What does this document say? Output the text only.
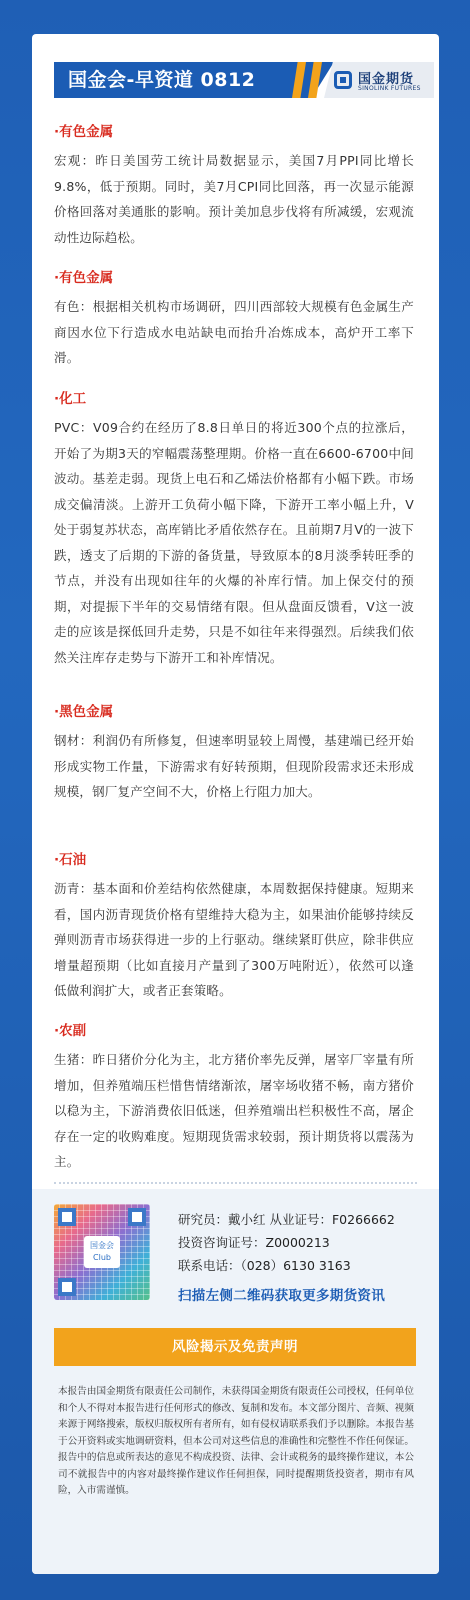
国金会-早资道 0812	国金期货
SINOLINK FUTURES
·有色金属
宏观：昨日美国劳工统计局数据显示，美国7月PPI同比增长9.8%，低于预期。同时，美7月CPI同比回落，再一次显示能源价格回落对美通胀的影响。预计美加息步伐将有所减缓，宏观流动性边际趋松。
·有色金属
有色：根据相关机构市场调研，四川西部较大规模有色金属生产商因水位下行造成水电站缺电而抬升冶炼成本，高炉开工率下滑。
·化工
PVC：V09合约在经历了8.8日单日的将近300个点的拉涨后，开始了为期3天的窄幅震荡整理期。价格一直在6600-6700中间波动。基差走弱。现货上电石和乙烯法价格都有小幅下跌。市场成交偏清淡。上游开工负荷小幅下降，下游开工率小幅上升，V处于弱复苏状态，高库销比矛盾依然存在。且前期7月V的一波下跌，透支了后期的下游的备货量，导致原本的8月淡季转旺季的节点，并没有出现如往年的火爆的补库行情。加上保交付的预期，对提振下半年的交易情绪有限。但从盘面反馈看，V这一波走的应该是探低回升走势，只是不如往年来得强烈。后续我们依然关注库存走势与下游开工和补库情况。
·黑色金属
钢材：利润仍有所修复，但速率明显较上周慢，基建端已经开始形成实物工作量，下游需求有好转预期，但现阶段需求还未形成规模，钢厂复产空间不大，价格上行阻力加大。
·石油
沥青：基本面和价差结构依然健康，本周数据保持健康。短期来看，国内沥青现货价格有望维持大稳为主，如果油价能够持续反弹则沥青市场获得进一步的上行驱动。继续紧盯供应，除非供应增量超预期（比如直接月产量到了300万吨附近），依然可以逢低做利润扩大，或者正套策略。
·农副
生猪：昨日猪价分化为主，北方猪价率先反弹，屠宰厂宰量有所增加，但养殖端压栏惜售情绪渐浓，屠宰场收猪不畅，南方猪价以稳为主，下游消费依旧低迷，但养殖端出栏积极性不高，屠企存在一定的收购难度。短期现货需求较弱，预计期货将以震荡为主。
国金会
Club
研究员：戴小红 从业证号：F0266662
投资咨询证号：Z0000213
联系电话：（028）6130 3163
扫描左侧二维码获取更多期货资讯
风险揭示及免责声明
本报告由国金期货有限责任公司制作，未获得国金期货有限责任公司授权，任何单位和个人不得对本报告进行任何形式的修改、复制和发布。本文部分图片、音频、视频来源于网络搜索，版权归版权所有者所有，如有侵权请联系我们予以删除。本报告基于公开资料或实地调研资料，但本公司对这些信息的准确性和完整性不作任何保证。报告中的信息或所表达的意见不构成投资、法律、会计或税务的最终操作建议，本公司不就报告中的内容对最终操作建议作任何担保，同时提醒期货投资者，期市有风险，入市需谨慎。
